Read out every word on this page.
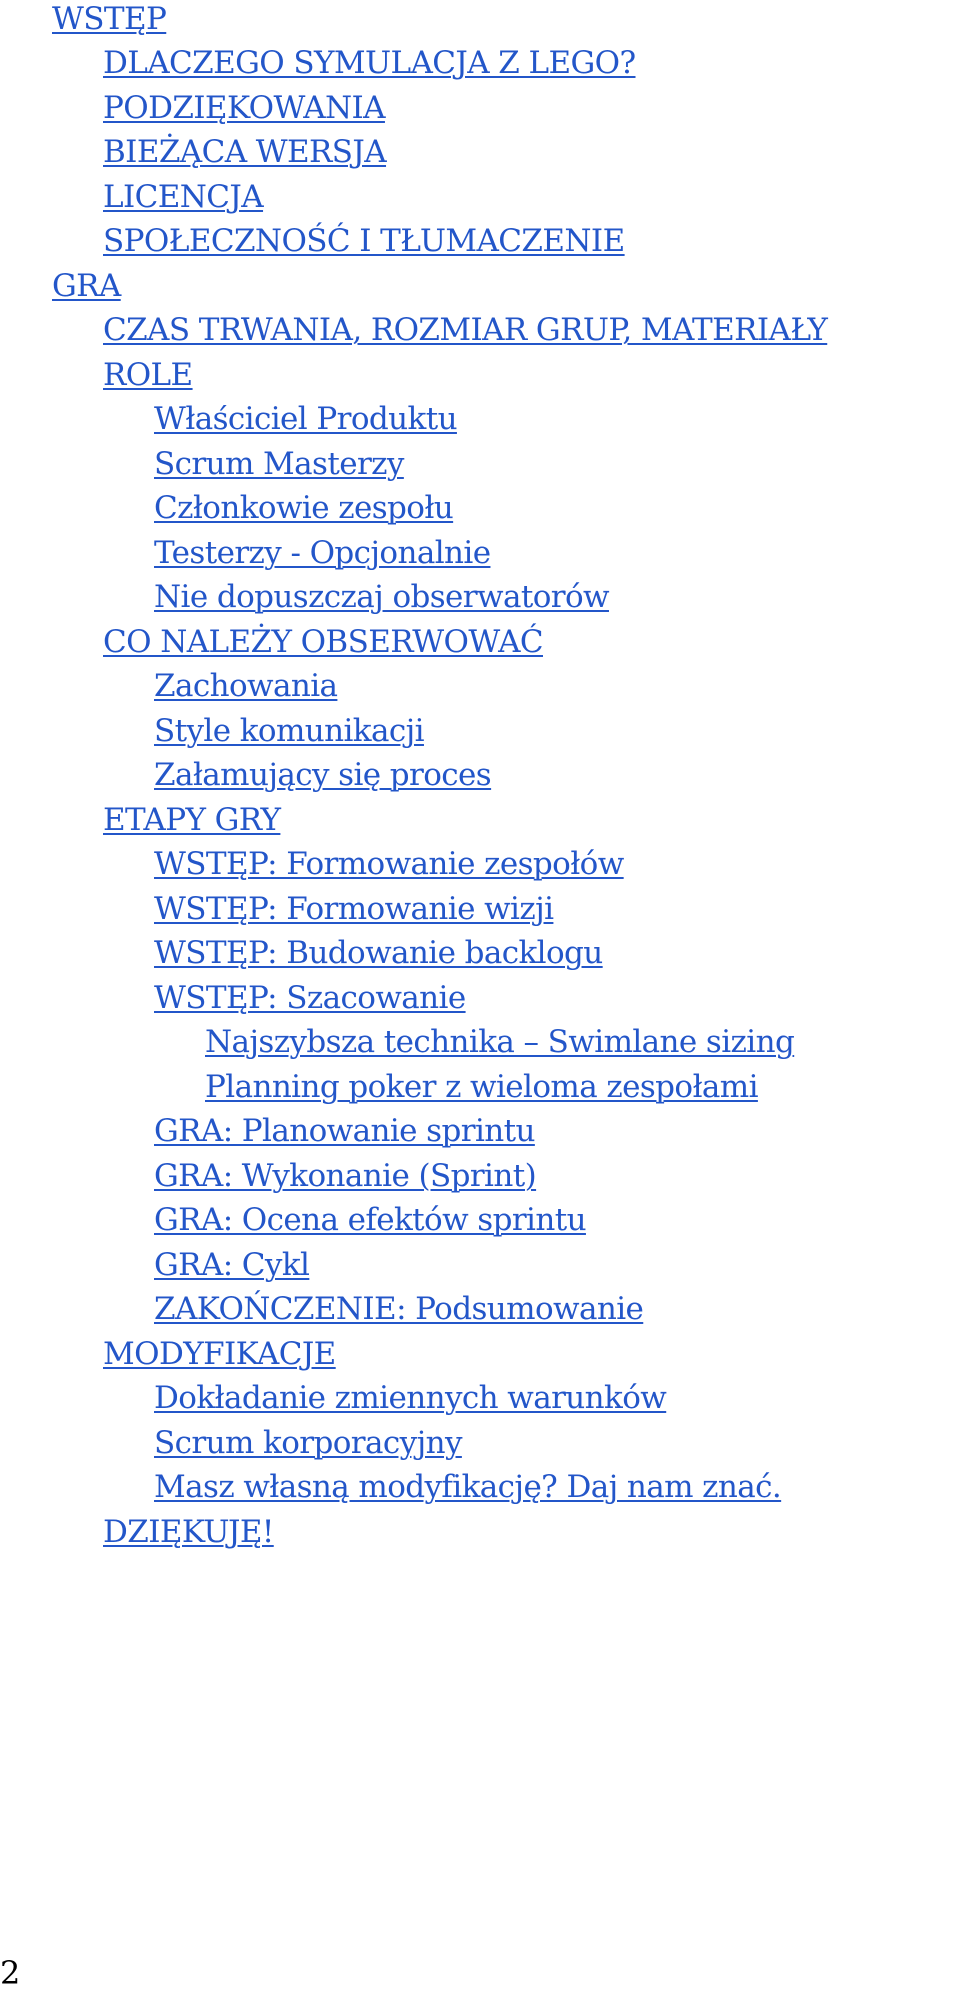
WSTĘP
DLACZEGO SYMULACJA Z LEGO?
PODZIĘKOWANIA
BIEŻĄCA WERSJA
LICENCJA
SPOŁECZNOŚĆ I TŁUMACZENIE
GRA
CZAS TRWANIA, ROZMIAR GRUP, MATERIAŁY
ROLE
Właściciel Produktu
Scrum Masterzy
Członkowie zespołu
Testerzy - Opcjonalnie
Nie dopuszczaj obserwatorów
CO NALEŻY OBSERWOWAĆ
Zachowania
Style komunikacji
Załamujący się proces
ETAPY GRY
WSTĘP: Formowanie zespołów
WSTĘP: Formowanie wizji
WSTĘP: Budowanie backlogu
WSTĘP: Szacowanie
Najszybsza technika – Swimlane sizing
Planning poker z wieloma zespołami
GRA: Planowanie sprintu
GRA: Wykonanie (Sprint)
GRA: Ocena efektów sprintu
GRA: Cykl
ZAKOŃCZENIE: Podsumowanie
MODYFIKACJE
Dokładanie zmiennych warunków
Scrum korporacyjny
Masz własną modyfikację? Daj nam znać.
DZIĘKUJĘ!
2
